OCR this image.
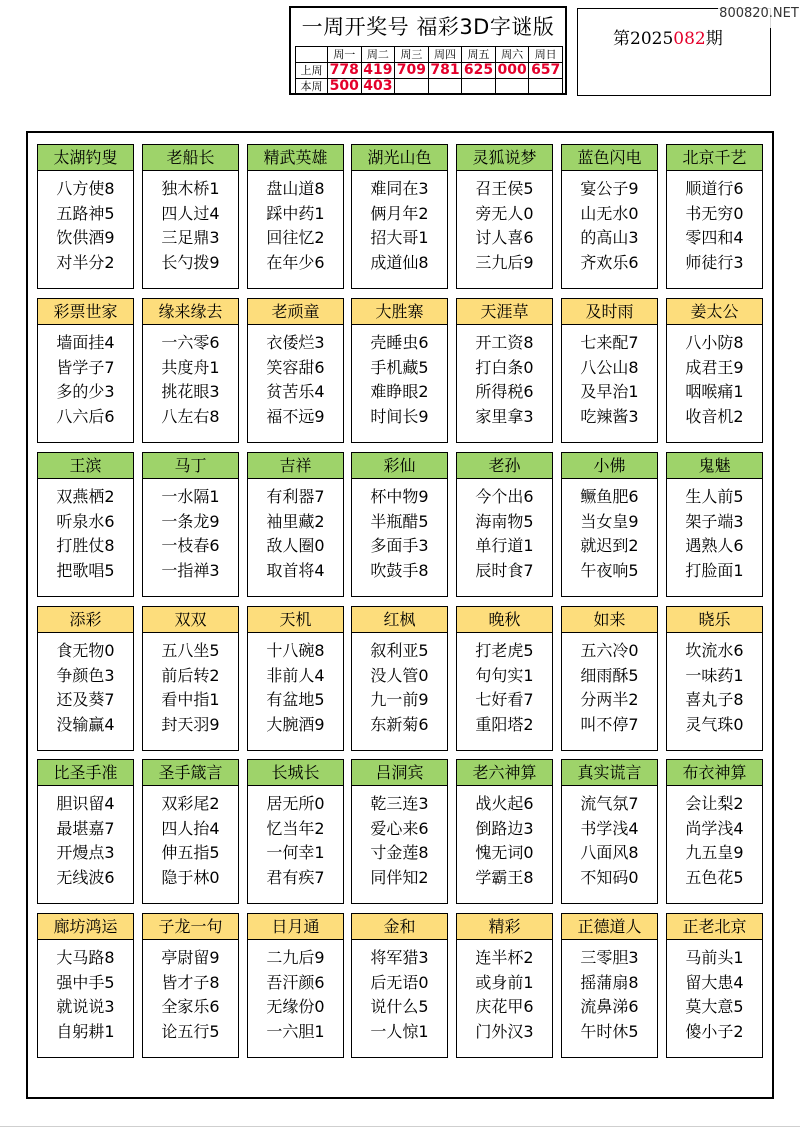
一周开奖号 福彩3D字谜版
	周一	周二	周三	周四	周五	周六	周日
上周	778	419	709	781	625	000	657
本周	500	403					
第2025082期
800820.NET
太湖钓叟
八方使8
五路神5
饮供酒9
对半分2
老船长
独木桥1
四人过4
三足鼎3
长勺拨9
精武英雄
盘山道8
踩中药1
回往忆2
在年少6
湖光山色
难同在3
俩月年2
招大哥1
成道仙8
灵狐说梦
召王侯5
旁无人0
讨人喜6
三九后9
蓝色闪电
宴公子9
山无水0
的高山3
齐欢乐6
北京千艺
顺道行6
书无穷0
零四和4
师徒行3
彩票世家
墙面挂4
皆学子7
多的少3
八六后6
缘来缘去
一六零6
共度舟1
挑花眼3
八左右8
老顽童
衣倭烂3
笑容甜6
贫苦乐4
福不远9
大胜寨
壳睡虫6
手机藏5
难睁眼2
时间长9
天涯草
开工资8
打白条0
所得税6
家里拿3
及时雨
七来配7
八公山8
及早治1
吃辣酱3
姜太公
八小防8
成君王9
咽喉痛1
收音机2
王滨
双燕栖2
听泉水6
打胜仗8
把歌唱5
马丁
一水隔1
一条龙9
一枝春6
一指禅3
吉祥
有利器7
袖里藏2
敌人圈0
取首将4
彩仙
杯中物9
半瓶醋5
多面手3
吹鼓手8
老孙
今个出6
海南物5
单行道1
辰时食7
小佛
鳜鱼肥6
当女皇9
就迟到2
午夜响5
鬼魅
生人前5
架子端3
遇熟人6
打脸面1
添彩
食无物0
争颜色3
还及葵7
没输赢4
双双
五八坐5
前后转2
看中指1
封天羽9
天机
十八碗8
非前人4
有盆地5
大腕酒9
红枫
叙利亚5
没人管0
九一前9
东新菊6
晚秋
打老虎5
句句实1
七好看7
重阳塔2
如来
五六冷0
细雨酥5
分两半2
叫不停7
晓乐
坎流水6
一味药1
喜丸子8
灵气珠0
比圣手准
胆识留4
最堪嘉7
开熳点3
无线波6
圣手箴言
双彩尾2
四人抬4
伸五指5
隐于林0
长城长
居无所0
忆当年2
一何幸1
君有疾7
吕洞宾
乾三连3
爱心来6
寸金莲8
同伴知2
老六神算
战火起6
倒路边3
愧无词0
学霸王8
真实谎言
流气氛7
书学浅4
八面风8
不知码0
布衣神算
会让梨2
尚学浅4
九五皇9
五色花5
廊坊鸿运
大马路8
强中手5
就说说3
自躬耕1
子龙一句
亭尉留9
皆才子8
全家乐6
论五行5
日月通
二九后9
吾汗颜6
无缘份0
一六胆1
金和
将军猎3
后无语0
说什么5
一人惊1
精彩
连半杯2
或身前1
庆花甲6
门外汉3
正德道人
三零胆3
摇蒲扇8
流鼻涕6
午时休5
正老北京
马前头1
留大患4
莫大意5
傻小子2
